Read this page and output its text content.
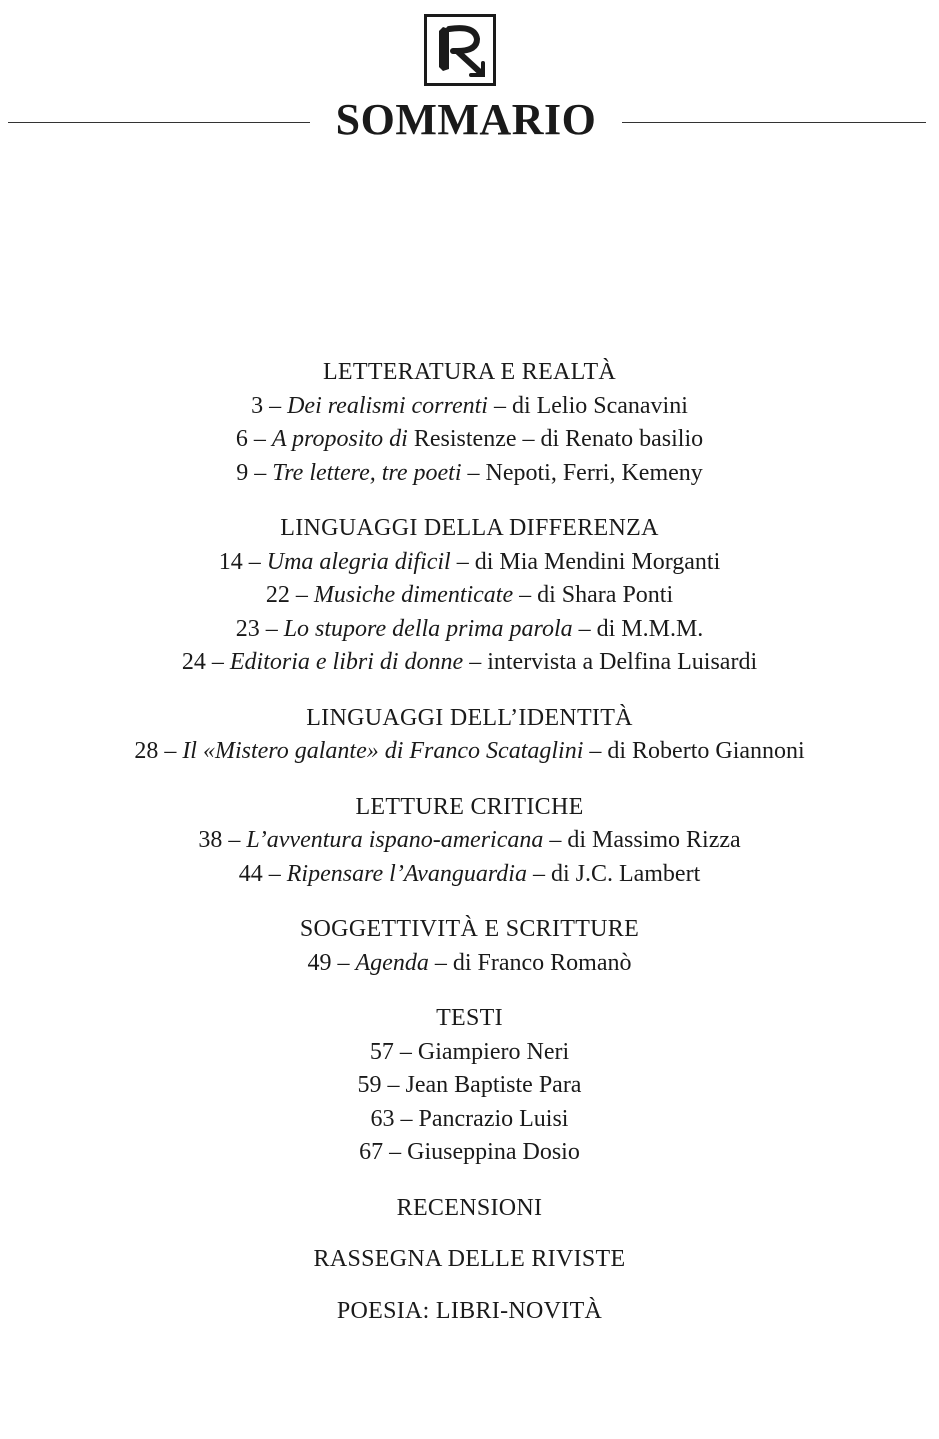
SOMMARIO
LETTERATURA E REALTÀ
3 – Dei realismi correnti – di Lelio Scanavini
6 – A proposito di Resistenze – di Renato basilio
9 – Tre lettere, tre poeti – Nepoti, Ferri, Kemeny
LINGUAGGI DELLA DIFFERENZA
14 – Uma alegria dificil – di Mia Mendini Morganti
22 – Musiche dimenticate – di Shara Ponti
23 – Lo stupore della prima parola – di M.M.M.
24 – Editoria e libri di donne – intervista a Delfina Luisardi
LINGUAGGI DELL’IDENTITÀ
28 – Il «Mistero galante» di Franco Scataglini – di Roberto Giannoni
LETTURE CRITICHE
38 – L’avventura ispano-americana – di Massimo Rizza
44 – Ripensare l’Avanguardia – di J.C. Lambert
SOGGETTIVITÀ E SCRITTURE
49 – Agenda – di Franco Romanò
TESTI
57 – Giampiero Neri
59 – Jean Baptiste Para
63 – Pancrazio Luisi
67 – Giuseppina Dosio
RECENSIONI
RASSEGNA DELLE RIVISTE
POESIA: LIBRI-NOVITÀ
